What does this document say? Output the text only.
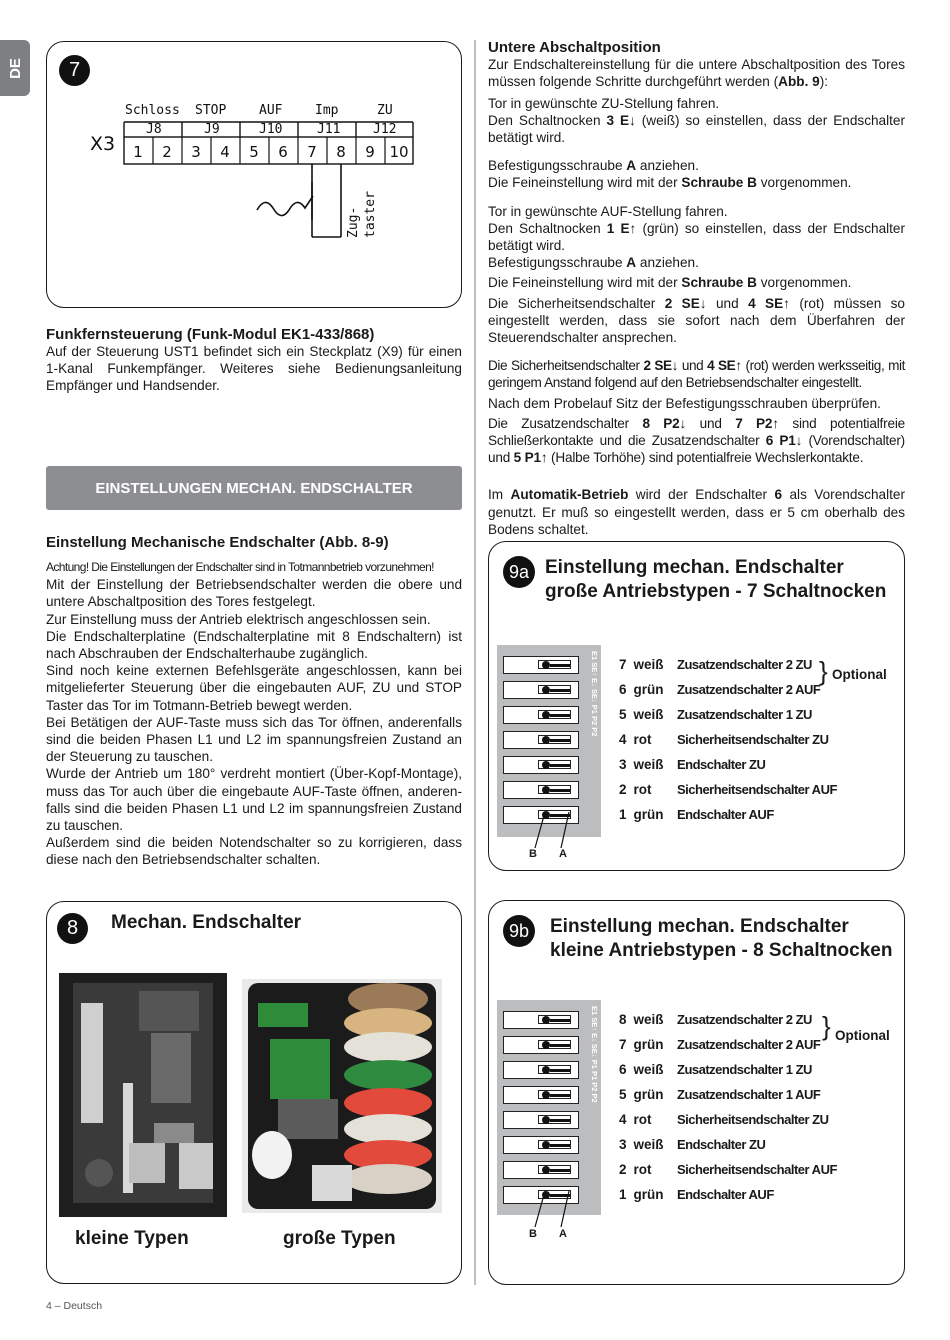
DE 7
Schloss STOP	AUF	Imp	ZU
J8	J9	J10	J11	J12
X3 1 2 3 4 5 6 7 8 9 10
Zug- taster
Funkfernsteuerung (Funk-Modul EK1-433/868)
Auf der Steuerung UST1 befindet sich ein Steckplatz (X9) für einen 1-Kanal Funkempfänger. Weiteres siehe Bedienungsanleitung Empfänger und Handsender.
EINSTELLUNGEN MECHAN. ENDSCHALTER
Einstellung Mechanische Endschalter (Abb. 8-9)

Achtung! Die Einstellungen der Endschalter sind in Totmannbetrieb vorzunehmen!

Mit der Einstellung der Betriebsendschalter werden die obere und untere Abschaltposition des Tores festgelegt.

Zur Einstellung muss der Antrieb elektrisch angeschlossen sein.

Die Endschalterplatine (Endschalterplatine mit 8 Endschaltern) ist nach Abschrauben der Endschalterhaube zugänglich.

Sind noch keine externen Befehlsgeräte angeschlossen, kann bei mitgelieferter Steuerung über die eingebauten AUF, ZU und STOP Taster das Tor im Totmann-Betrieb bewegt werden.

Bei Betätigen der AUF-Taste muss sich das Tor öffnen, anderenfalls sind die beiden Phasen L1 und L2 im spannungsfreien Zustand an der Steuerung zu tauschen.

Wurde der Antrieb um 180° verdreht montiert (Über-Kopf-Montage), muss das Tor auch über die eingebaute AUF-Taste öffnen, anderen-falls sind die beiden Phasen L1 und L2 im spannungsfreien Zustand zu tauschen.

Außerdem sind die beiden Notendschalter so zu korrigieren, dass diese nach den Betriebsendschalter schalten.

8 Mechan. Endschalter
kleine Typen	große Typen
Untere Abschaltposition

Zur Endschaltereinstellung für die untere Abschaltposition des Tores müssen folgende Schritte durchgeführt werden (Abb. 9):

Tor in gewünschte ZU-Stellung fahren.

Den Schaltnocken 3 E↓ (weiß) so einstellen, dass der Endschalter betätigt wird.

Befestigungsschraube A anziehen.

Die Feineinstellung wird mit der Schraube B vorgenommen.

Tor in gewünschte AUF-Stellung fahren.

Den Schaltnocken 1 E↑ (grün) so einstellen, dass der Endschalter betätigt wird.

Befestigungsschraube A anziehen.

Die Feineinstellung wird mit der Schraube B vorgenommen.

Die Sicherheitsendschalter 2 SE↓ und 4 SE↑ (rot) müssen so eingestellt werden, dass sie sofort nach dem Überfahren der Steuerendschalter ansprechen.

Die Sicherheitsendschalter 2 SE↓ und 4 SE↑ (rot) werden werksseitig, mit geringem Anstand folgend auf den Betriebsendschalter eingestellt.

Nach dem Probelauf Sitz der Befestigungsschrauben überprüfen.

Die Zusatzendschalter 8 P2↓ und 7 P2↑ sind potentialfreie Schließerkontakte und die Zusatzendschalter 6 P1↓ (Vorendschalter) und 5 P1↑ (Halbe Torhöhe) sind potentialfreie Wechslerkontakte.

Im Automatik-Betrieb wird der Endschalter 6 als Vorendschalter genutzt. Er muß so eingestellt werden, dass er 5 cm oberhalb des Bodens schaltet.

9a Einstellung mechan. Endschalter
große Antriebstypen - 7 Schaltnocken
E1 SE↑ E↓ SE↓ P1 P2 P2 7 weiß	Zusatzendschalter 2 ZU
6 grün	Zusatzendschalter 2 AUF
5 weiß	Zusatzendschalter 1 ZU
4 rot	Sicherheitsendschalter ZU
3 weiß	Endschalter ZU
2 rot	Sicherheitsendschalter AUF
1 grün	Endschalter AUF
B A
} Optional
9b Einstellung mechan. Endschalter
kleine Antriebstypen - 8 Schaltnocken
E1 SE↑ E↓ SE↓ P1 P1 P2 P2 8 weiß	Zusatzendschalter 2 ZU
7 grün	Zusatzendschalter 2 AUF
6 weiß	Zusatzendschalter 1 ZU
5 grün	Zusatzendschalter 1 AUF
4 rot	Sicherheitsendschalter ZU
3 weiß	Endschalter ZU
2 rot	Sicherheitsendschalter AUF
1 grün	Endschalter AUF
B A
} Optional
4 – Deutsch
